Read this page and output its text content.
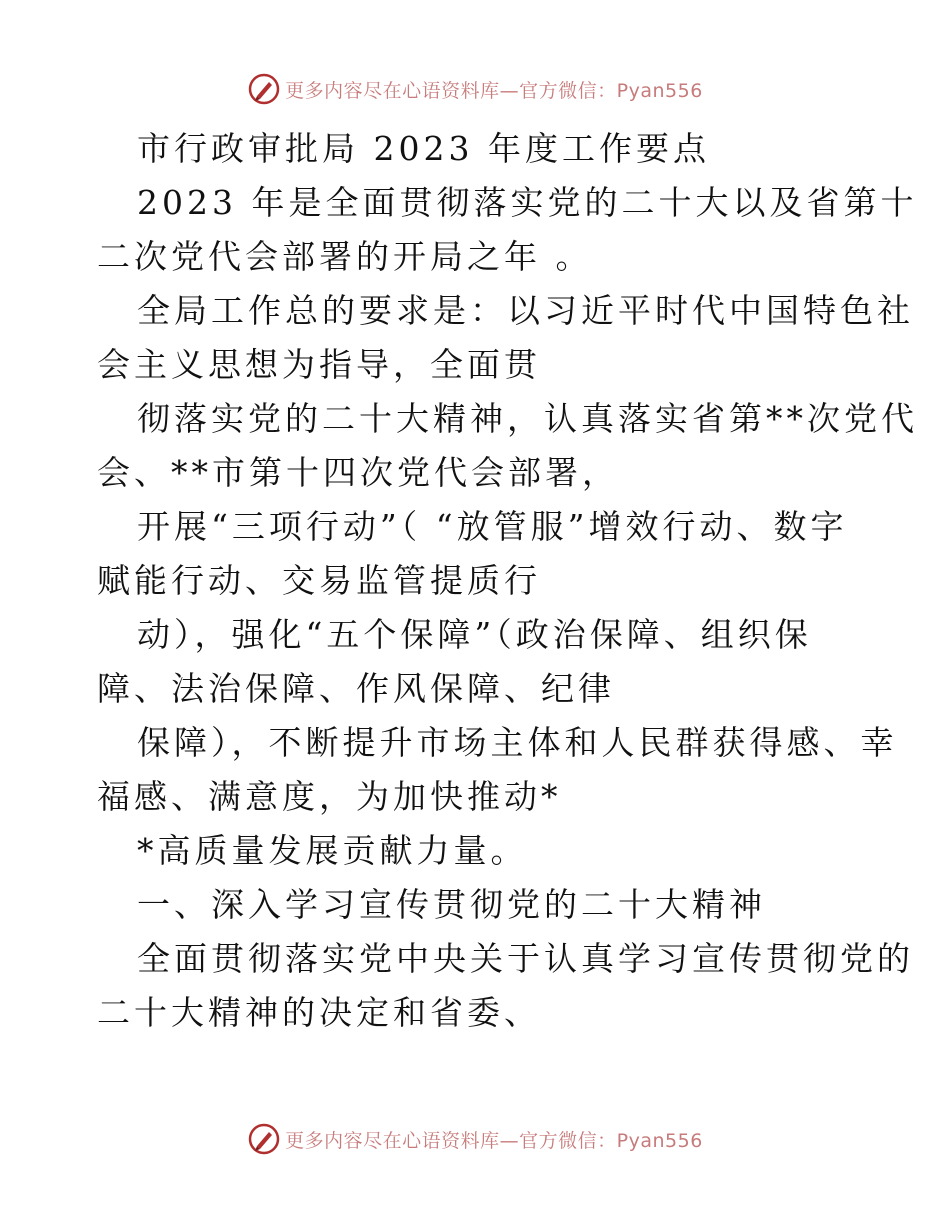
更多内容尽在心语资料库—官方微信：Pyan556

市行政审批局 2023 年度工作要点

2023 年是全面贯彻落实党的二十大以及省第十

二次党代会部署的开局之年 。

全局工作总的要求是：以习近平时代中国特色社

会主义思想为指导，全面贯

彻落实党的二十大精神，认真落实省第**次党代

会、**市第十四次党代会部署，

开展“三项行动”（ “放管服”增效行动、数字

赋能行动、交易监管提质行

动），强化“五个保障”（政治保障、组织保

障、法治保障、作风保障、纪律

保障），不断提升市场主体和人民群获得感、幸

福感、满意度，为加快推动*

*高质量发展贡献力量。

一、深入学习宣传贯彻党的二十大精神

全面贯彻落实党中央关于认真学习宣传贯彻党的

二十大精神的决定和省委、

更多内容尽在心语资料库—官方微信：Pyan556
